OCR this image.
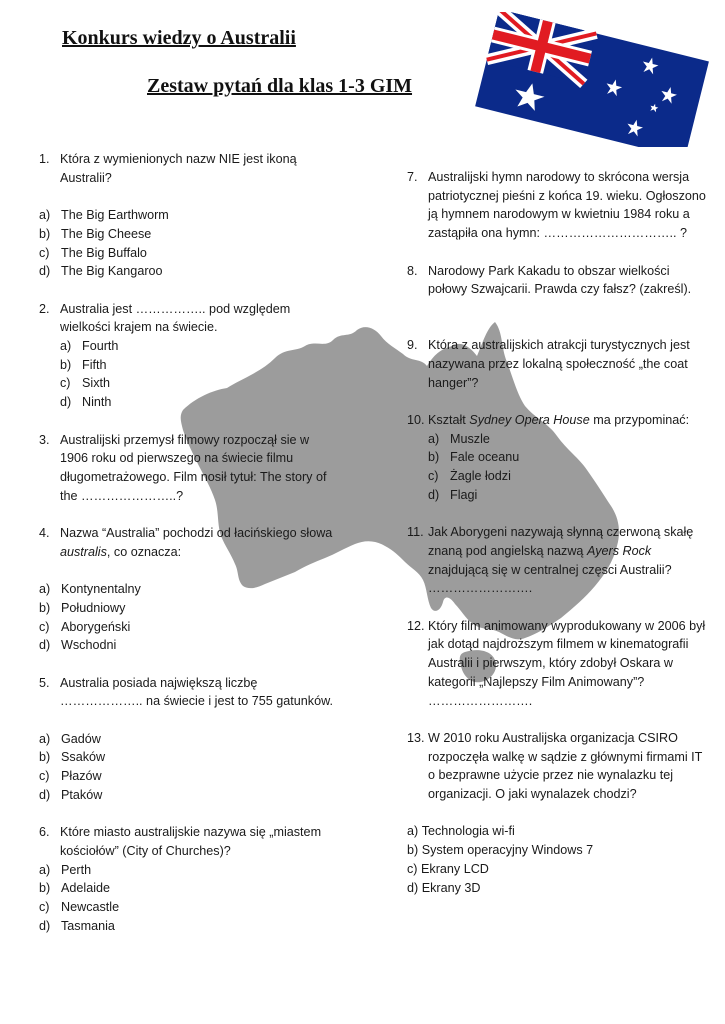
Konkurs wiedzy o Australii
Zestaw pytań dla klas 1-3 GIM
1. Która z wymienionych nazw NIE jest ikoną Australii?
a) The Big Earthworm
b) The Big Cheese
c) The Big Buffalo
d) The Big Kangaroo
2. Australia jest …………….. pod względem wielkości krajem na świecie.
a) Fourth
b) Fifth
c) Sixth
d) Ninth
3. Australijski przemysł filmowy rozpoczął sie w 1906 roku od pierwszego na świecie filmu długometrażowego. Film nosił tytuł: The story of the …………………..?
4. Nazwa “Australia” pochodzi od łacińskiego słowa australis, co oznacza:
a) Kontynentalny
b) Południowy
c) Aborygeński
d) Wschodni
5. Australia posiada największą liczbę ……………….. na świecie i jest to 755 gatunków.
a) Gadów
b) Ssaków
c) Płazów
d) Ptaków
6. Które miasto australijskie nazywa się „miastem kościołów” (City of Churches)?
a) Perth
b) Adelaide
c) Newcastle
d) Tasmania
7. Australijski hymn narodowy to skrócona wersja patriotycznej pieśni z końca 19. wieku. Ogłoszono ją hymnem narodowym w kwietniu 1984 roku a zastąpiła ona hymn: ………………………….. ?
8. Narodowy Park Kakadu to obszar wielkości połowy Szwajcarii. Prawda czy fałsz? (zakreśl).
9. Która z australijskich atrakcji turystycznych jest nazywana przez lokalną społeczność „the coat hanger”?
10. Kształt Sydney Opera House ma przypominać:
a) Muszle
b) Fale oceanu
c) Żagle łodzi
d) Flagi
11. Jak Aborygeni nazywają słynną czerwoną skałę znaną pod angielską nazwą Ayers Rock znajdującą się w centralnej częsci Australii? …………………….
12. Który film animowany wyprodukowany w 2006 był jak dotąd najdroższym filmem w kinematografii Australii i pierwszym, który zdobył Oskara w kategorii „Najlepszy Film Animowany”? …………………….
13. W 2010 roku Australijska organizacja CSIRO rozpoczęła walkę w sądzie z głównymi firmami IT o bezprawne użycie przez nie wynalazku tej organizacji. O jaki wynalazek chodzi?
a)
Technologia wi-fi
b)
System operacyjny Windows 7
c)
Ekrany LCD
d)
Ekrany 3D
